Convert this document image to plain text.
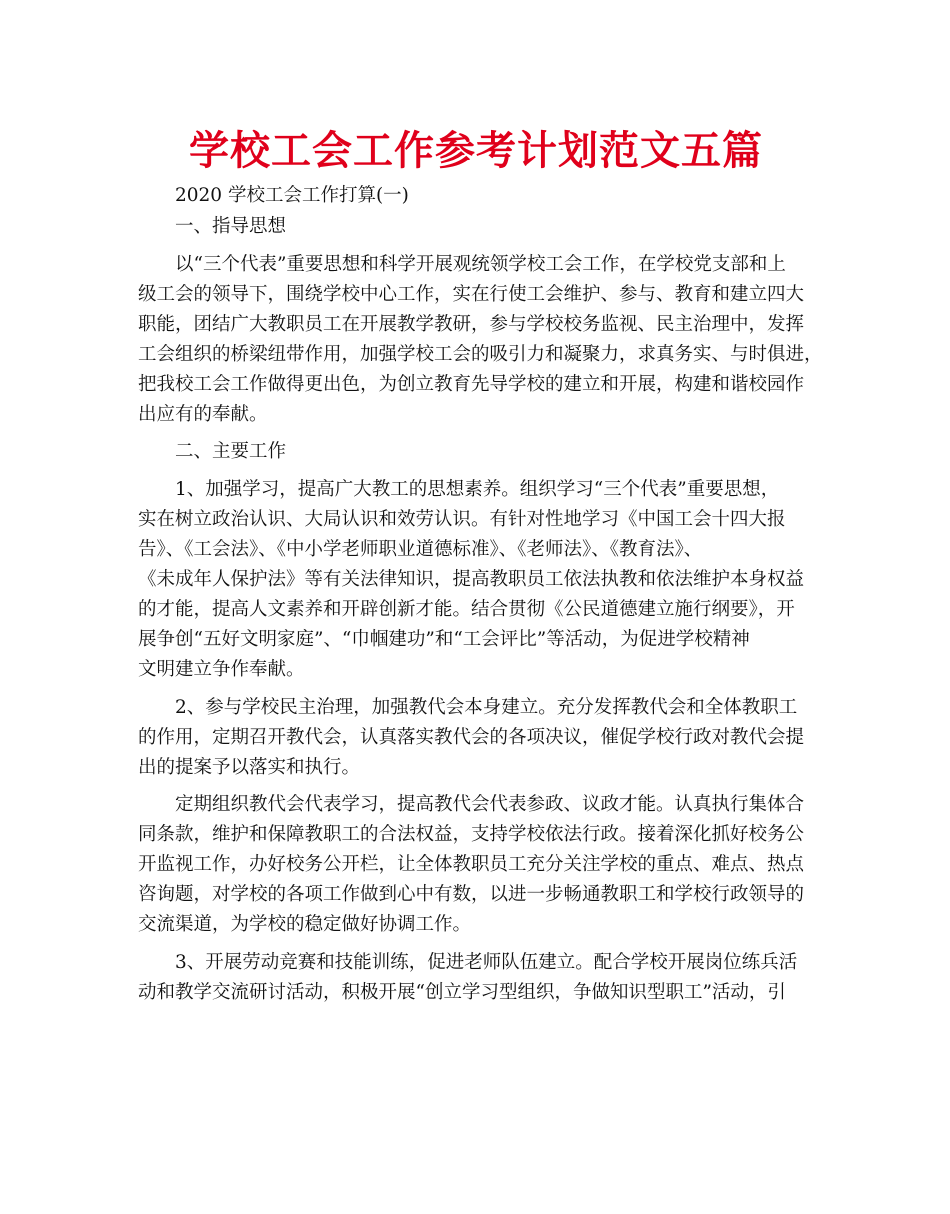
学校工会工作参考计划范文五篇

2020 学校工会工作打算(一)

一、指导思想

以“三个代表”重要思想和科学开展观统领学校工会工作，在学校党支部和上

级工会的领导下，围绕学校中心工作，实在行使工会维护、参与、教育和建立四大

职能，团结广大教职员工在开展教学教研，参与学校校务监视、民主治理中，发挥

工会组织的桥梁纽带作用，加强学校工会的吸引力和凝聚力，求真务实、与时俱进，

把我校工会工作做得更出色，为创立教育先导学校的建立和开展，构建和谐校园作

出应有的奉献。

二、主要工作

1、加强学习，提高广大教工的思想素养。组织学习“三个代表”重要思想，

实在树立政治认识、大局认识和效劳认识。有针对性地学习《中国工会十四大报

告》、《工会法》、《中小学老师职业道德标准》、《老师法》、《教育法》、

《未成年人保护法》等有关法律知识，提高教职员工依法执教和依法维护本身权益

的才能，提高人文素养和开辟创新才能。结合贯彻《公民道德建立施行纲要》，开

展争创“五好文明家庭”、“巾帼建功”和“工会评比”等活动，为促进学校精神

文明建立争作奉献。

2、参与学校民主治理，加强教代会本身建立。充分发挥教代会和全体教职工

的作用，定期召开教代会，认真落实教代会的各项决议，催促学校行政对教代会提

出的提案予以落实和执行。

定期组织教代会代表学习，提高教代会代表参政、议政才能。认真执行集体合

同条款，维护和保障教职工的合法权益，支持学校依法行政。接着深化抓好校务公

开监视工作，办好校务公开栏，让全体教职员工充分关注学校的重点、难点、热点

咨询题，对学校的各项工作做到心中有数，以进一步畅通教职工和学校行政领导的

交流渠道，为学校的稳定做好协调工作。

3、开展劳动竞赛和技能训练，促进老师队伍建立。配合学校开展岗位练兵活

动和教学交流研讨活动，积极开展“创立学习型组织，争做知识型职工”活动，引
